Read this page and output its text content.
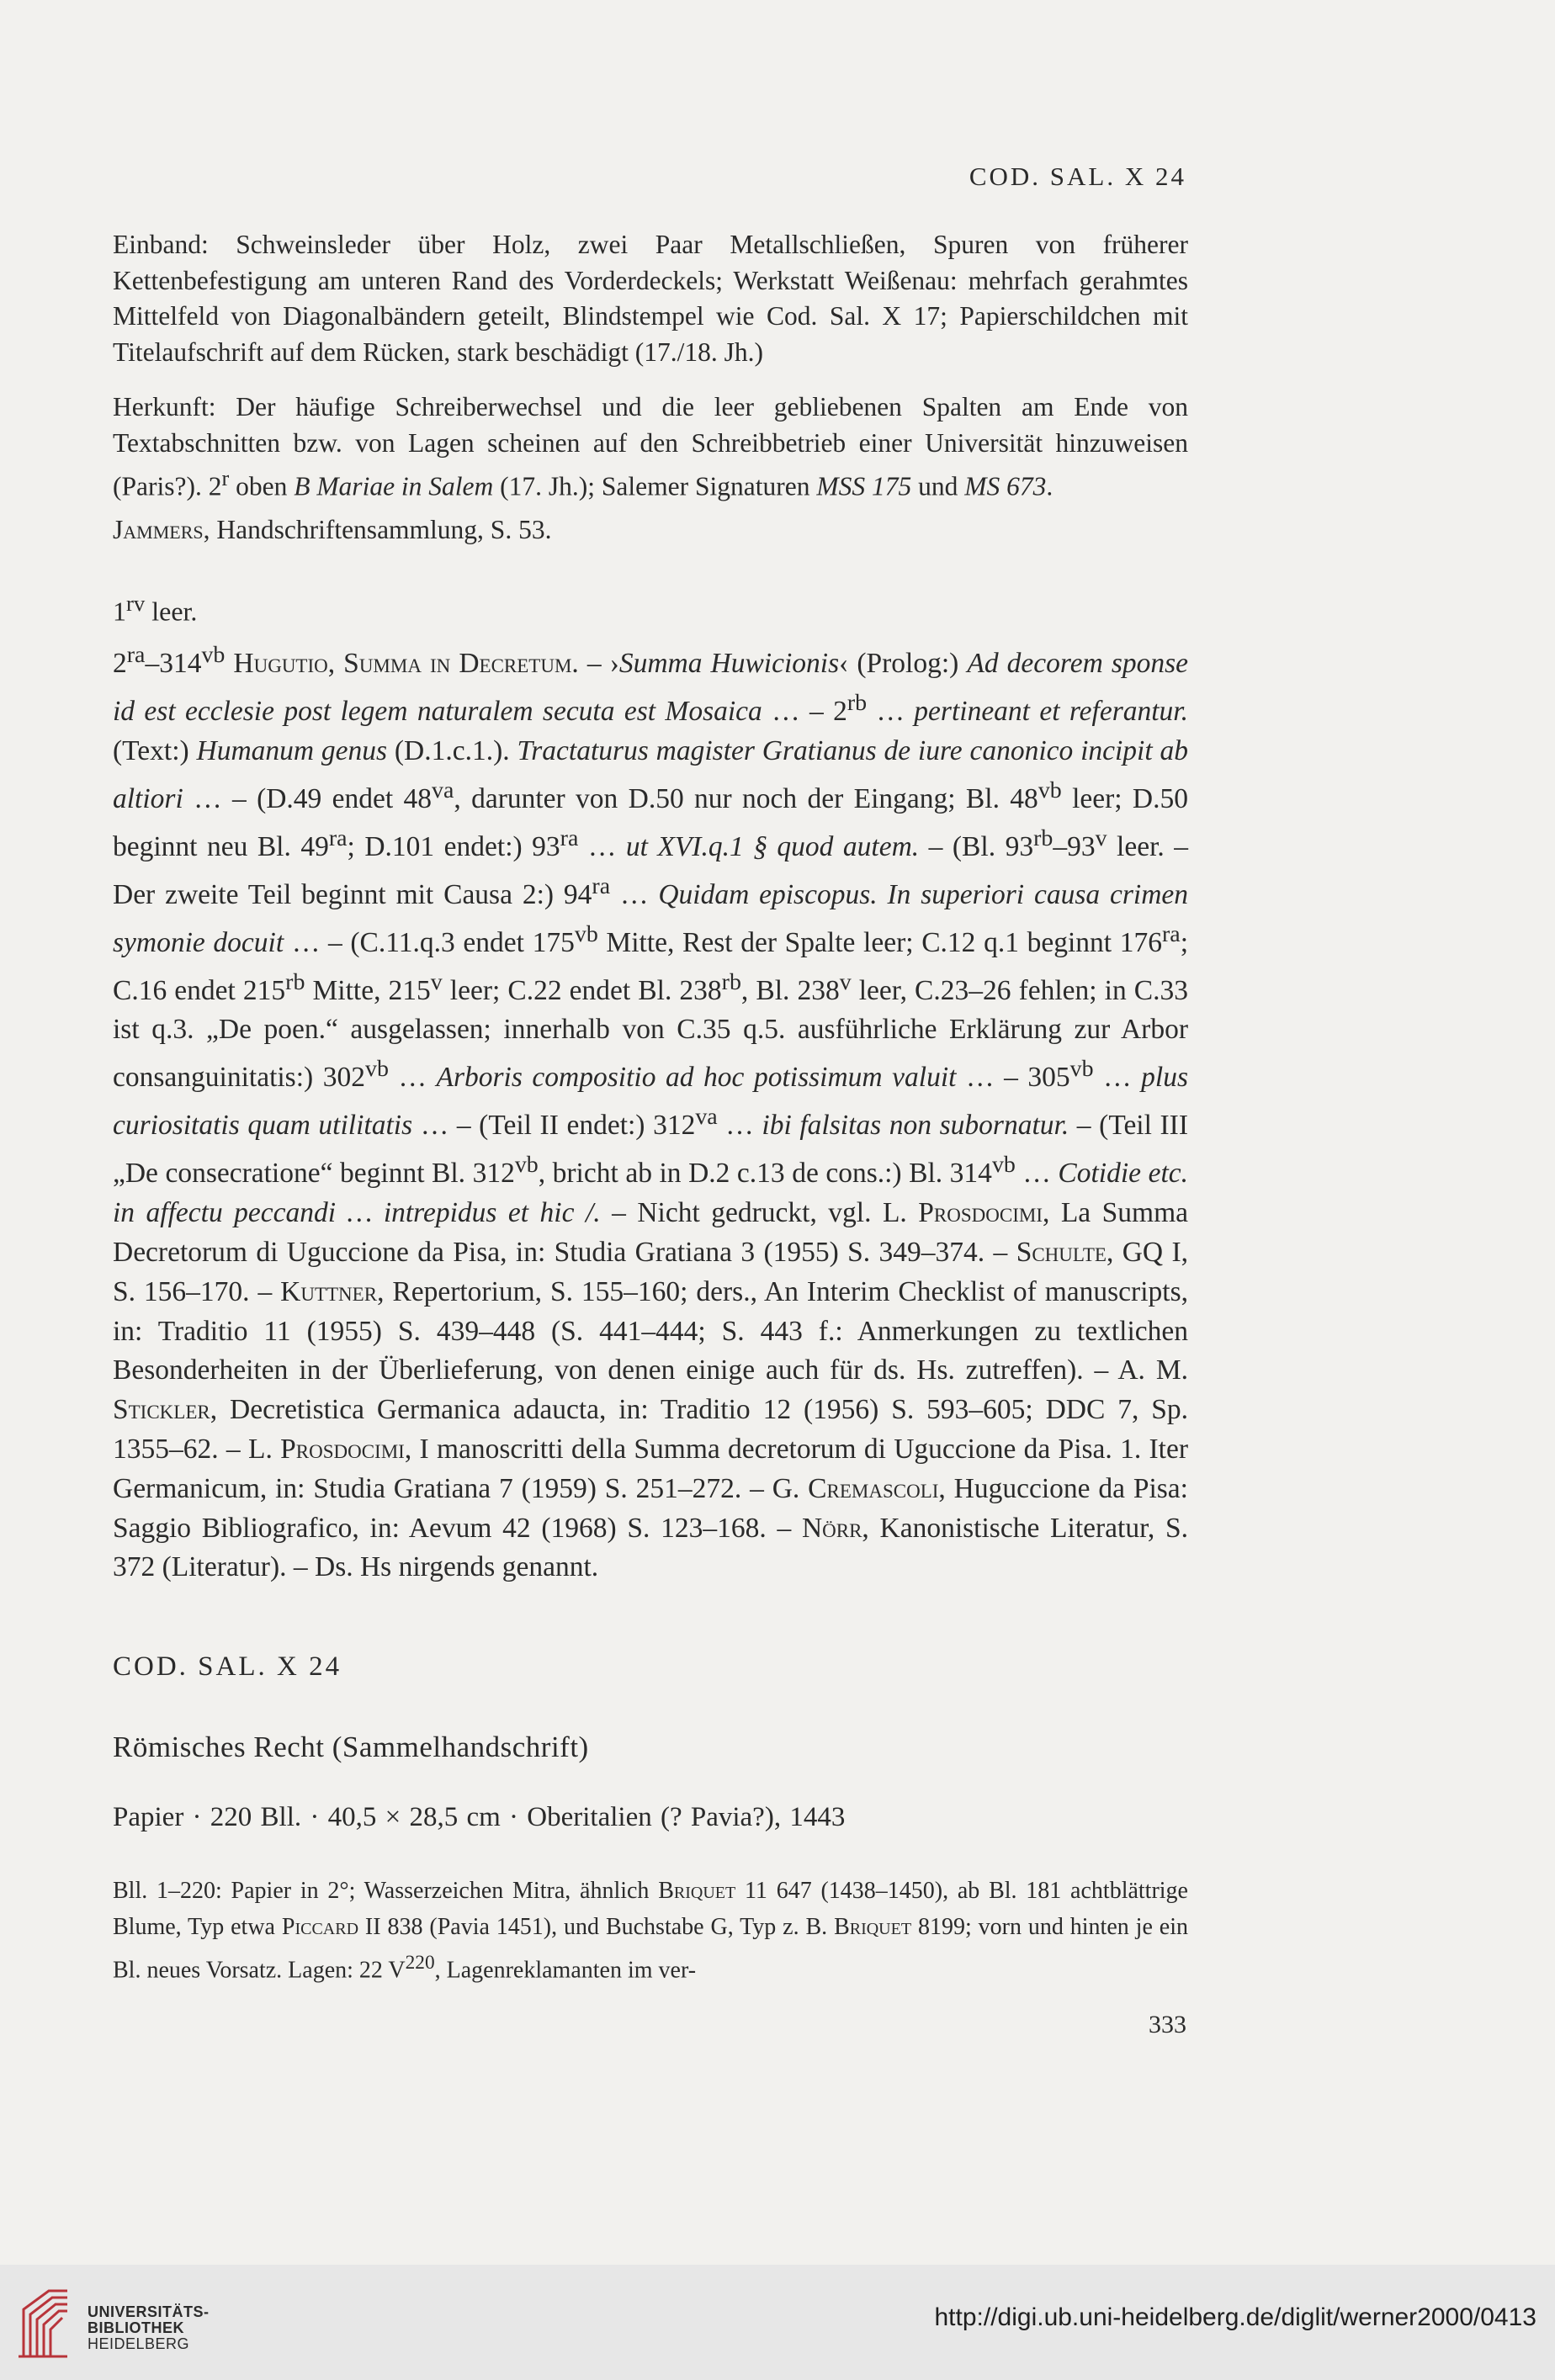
COD. SAL. X 24

Einband: Schweinsleder über Holz, zwei Paar Metallschließen, Spuren von früherer Kettenbefestigung am unteren Rand des Vorderdeckels; Werkstatt Weißenau: mehrfach gerahmtes Mittelfeld von Diagonalbändern geteilt, Blindstempel wie Cod. Sal. X 17; Papierschildchen mit Titelaufschrift auf dem Rücken, stark beschädigt (17./18. Jh.)

Herkunft: Der häufige Schreiberwechsel und die leer gebliebenen Spalten am Ende von Textabschnitten bzw. von Lagen scheinen auf den Schreibbetrieb einer Universität hinzuweisen (Paris?). 2$^r$ oben B Mariae in Salem (17. Jh.); Salemer Signaturen MSS 175 und MS 673.

Jammers, Handschriftensammlung, S. 53.

$1^{rv}$ leer.

$2^{ra}-314^{vb}$ Hugutio, Summa in Decretum. – ›Summa Huwicionis‹ (Prolog:) Ad decorem sponse id est ecclesie post legem naturalem secuta est Mosaica … – $2^{rb}$ … pertineant et referantur. (Text:) Humanum genus (D.1.c.1.). Tractaturus magister Gratianus de iure canonico incipit ab altiori … – (D.49 endet $48^{va}$, darunter von D.50 nur noch der Eingang; Bl. $48^{vb}$ leer; D.50 beginnt neu Bl. $49^{ra}$; D.101 endet:) $93^{ra}$ … ut XVI.q.1 § quod autem. – (Bl. $93^{rb}-93^v$ leer. – Der zweite Teil beginnt mit Causa 2:) $94^{ra}$ … Quidam episcopus. In superiori causa crimen symonie docuit … – (C.11.q.3 endet $175^{vb}$ Mitte, Rest der Spalte leer; C.12 q.1 beginnt $176^{ra}$; C.16 endet $215^{rb}$ Mitte, 215$^v$ leer; C.22 endet Bl. $238^{rb}$, Bl. 238$^v$ leer, C.23–26 fehlen; in C.33 ist q.3. „De poen.“ ausgelassen; innerhalb von C.35 q.5. ausführliche Erklärung zur Arbor consanguinitatis:) $302^{vb}$ … Arboris compositio ad hoc potissimum valuit … – $305^{vb}$ … plus curiositatis quam utilitatis … – (Teil II endet:) $312^{va}$ … ibi falsitas non subornatur. – (Teil III „De consecratione“ beginnt Bl. $312^{vb}$, bricht ab in D.2 c.13 de cons.:) Bl. $314^{vb}$ … Cotidie etc. in affectu peccandi … intrepidus et hic /. – Nicht gedruckt, vgl. L. Prosdocimi, La Summa Decretorum di Uguccione da Pisa, in: Studia Gratiana 3 (1955) S. 349–374. – Schulte, GQ I, S. 156–170. – Kuttner, Repertorium, S. 155–160; ders., An Interim Checklist of manuscripts, in: Traditio 11 (1955) S. 439–448 (S. 441–444; S. 443 f.: Anmerkungen zu textlichen Besonderheiten in der Überlieferung, von denen einige auch für ds. Hs. zutreffen). – A. M. Stickler, Decretistica Germanica adaucta, in: Traditio 12 (1956) S. 593–605; DDC 7, Sp. 1355–62. – L. Prosdocimi, I manoscritti della Summa decretorum di Uguccione da Pisa. 1. Iter Germanicum, in: Studia Gratiana 7 (1959) S. 251–272. – G. Cremascoli, Huguccione da Pisa: Saggio Bibliografico, in: Aevum 42 (1968) S. 123–168. – Nörr, Kanonistische Literatur, S. 372 (Literatur). – Ds. Hs nirgends genannt.

COD. SAL. X 24
Römisches Recht (Sammelhandschrift)
Papier · 220 Bll. · 40,5 × 28,5 cm · Oberitalien (? Pavia?), 1443

Bll. 1–220: Papier in 2°; Wasserzeichen Mitra, ähnlich Briquet 11 647 (1438–1450), ab Bl. 181 achtblättrige Blume, Typ etwa Piccard II 838 (Pavia 1451), und Buchstabe G, Typ z. B. Briquet 8199; vorn und hinten je ein Bl. neues Vorsatz. Lagen: 22 $V^{220}$, Lagenreklamanten im ver-

333
UNIVERSITÄTS-
BIBLIOTHEK
HEIDELBERG
http://digi.ub.uni-heidelberg.de/diglit/werner2000/0413
